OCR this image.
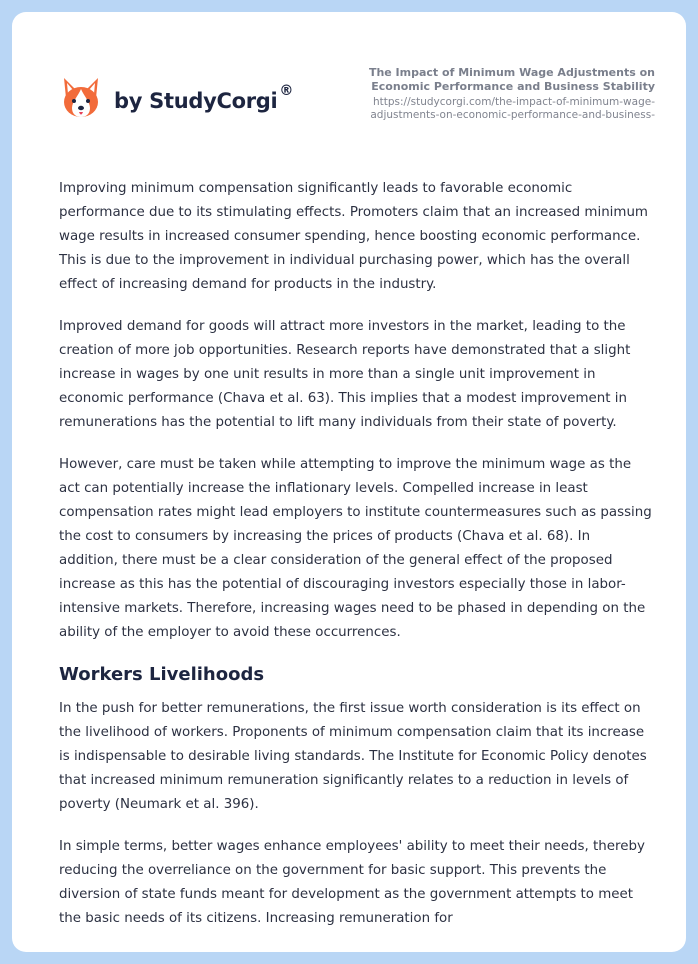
by StudyCorgi ®
The Impact of Minimum Wage Adjustments on Economic Performance and Business Stability
https://studycorgi.com/the-impact-of-minimum-wage-adjustments-on-economic-performance-and-business-

Improving minimum compensation significantly leads to favorable economic performance due to its stimulating effects. Promoters claim that an increased minimum wage results in increased consumer spending, hence boosting economic performance. This is due to the improvement in individual purchasing power, which has the overall effect of increasing demand for products in the industry.

Improved demand for goods will attract more investors in the market, leading to the creation of more job opportunities. Research reports have demonstrated that a slight increase in wages by one unit results in more than a single unit improvement in economic performance (Chava et al. 63). This implies that a modest improvement in remunerations has the potential to lift many individuals from their state of poverty.

However, care must be taken while attempting to improve the minimum wage as the act can potentially increase the inflationary levels. Compelled increase in least compensation rates might lead employers to institute countermeasures such as passing the cost to consumers by increasing the prices of products (Chava et al. 68). In addition, there must be a clear consideration of the general effect of the proposed increase as this has the potential of discouraging investors especially those in labor-intensive markets. Therefore, increasing wages need to be phased in depending on the ability of the employer to avoid these occurrences.

Workers Livelihoods

In the push for better remunerations, the first issue worth consideration is its effect on the livelihood of workers. Proponents of minimum compensation claim that its increase is indispensable to desirable living standards. The Institute for Economic Policy denotes that increased minimum remuneration significantly relates to a reduction in levels of poverty (Neumark et al. 396).

In simple terms, better wages enhance employees' ability to meet their needs, thereby reducing the overreliance on the government for basic support. This prevents the diversion of state funds meant for development as the government attempts to meet the basic needs of its citizens. Increasing remuneration for
